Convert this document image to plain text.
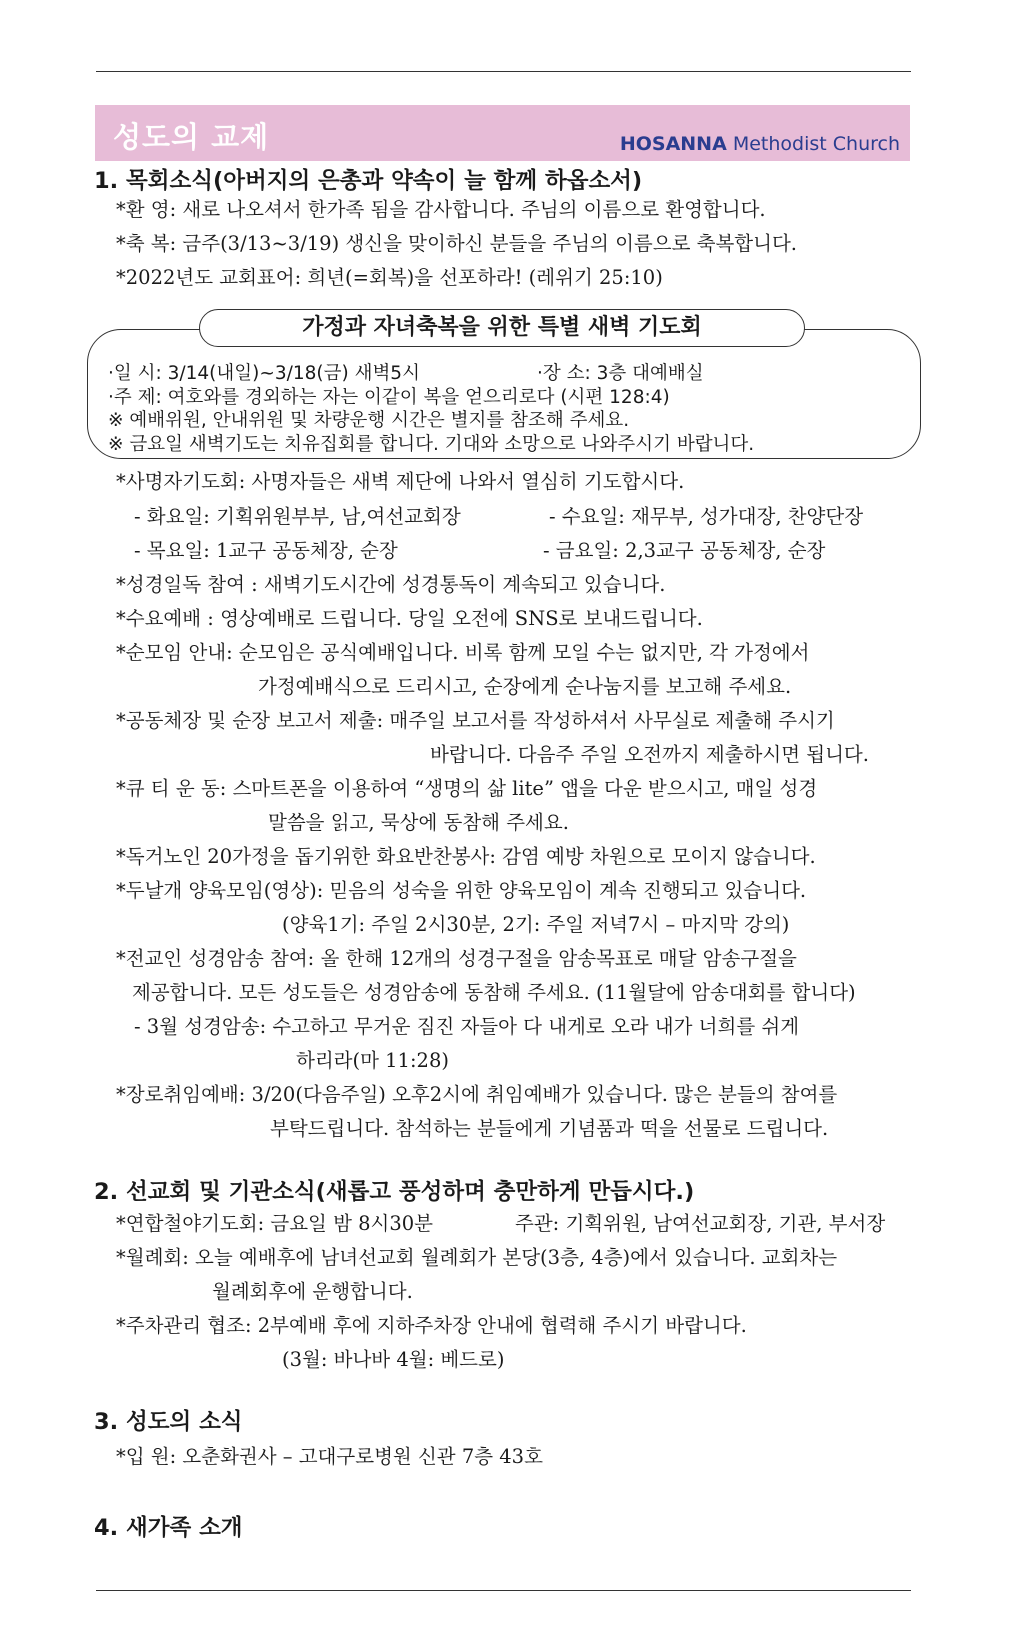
성도의 교제	HOSANNA Methodist Church
1. 목회소식(아버지의 은총과 약속이 늘 함께 하옵소서)
*환 영: 새로 나오셔서 한가족 됨을 감사합니다. 주님의 이름으로 환영합니다.
*축 복: 금주(3/13~3/19) 생신을 맞이하신 분들을 주님의 이름으로 축복합니다.
*2022년도 교회표어: 희년(=회복)을 선포하라! (레위기 25:10)
가정과 자녀축복을 위한 특별 새벽 기도회
·일 시: 3/14(내일)~3/18(금) 새벽5시	·장 소: 3층 대예배실
·주 제: 여호와를 경외하는 자는 이같이 복을 얻으리로다 (시편 128:4)
※ 예배위원, 안내위원 및 차량운행 시간은 별지를 참조해 주세요.
※ 금요일 새벽기도는 치유집회를 합니다. 기대와 소망으로 나와주시기 바랍니다.
*사명자기도회: 사명자들은 새벽 제단에 나와서 열심히 기도합시다.
- 화요일: 기획위원부부, 남,여선교회장	- 수요일: 재무부, 성가대장, 찬양단장
- 목요일: 1교구 공동체장, 순장	- 금요일: 2,3교구 공동체장, 순장
*성경일독 참여 : 새벽기도시간에 성경통독이 계속되고 있습니다.
*수요예배 : 영상예배로 드립니다. 당일 오전에 SNS로 보내드립니다.
*순모임 안내: 순모임은 공식예배입니다. 비록 함께 모일 수는 없지만, 각 가정에서
가정예배식으로 드리시고, 순장에게 순나눔지를 보고해 주세요.
*공동체장 및 순장 보고서 제출: 매주일 보고서를 작성하셔서 사무실로 제출해 주시기
바랍니다. 다음주 주일 오전까지 제출하시면 됩니다.
*큐 티 운 동: 스마트폰을 이용하여 “생명의 삶 lite” 앱을 다운 받으시고, 매일 성경
말씀을 읽고, 묵상에 동참해 주세요.
*독거노인 20가정을 돕기위한 화요반찬봉사: 감염 예방 차원으로 모이지 않습니다.
*두날개 양육모임(영상): 믿음의 성숙을 위한 양육모임이 계속 진행되고 있습니다.
(양육1기: 주일 2시30분, 2기: 주일 저녁7시 – 마지막 강의)
*전교인 성경암송 참여: 올 한해 12개의 성경구절을 암송목표로 매달 암송구절을
제공합니다. 모든 성도들은 성경암송에 동참해 주세요. (11월달에 암송대회를 합니다)
- 3월 성경암송: 수고하고 무거운 짐진 자들아 다 내게로 오라 내가 너희를 쉬게
하리라(마 11:28)
*장로취임예배: 3/20(다음주일) 오후2시에 취임예배가 있습니다. 많은 분들의 참여를
부탁드립니다. 참석하는 분들에게 기념품과 떡을 선물로 드립니다.
2. 선교회 및 기관소식(새롭고 풍성하며 충만하게 만듭시다.)
*연합철야기도회: 금요일 밤 8시30분	주관: 기획위원, 남여선교회장, 기관, 부서장
*월례회: 오늘 예배후에 남녀선교회 월례회가 본당(3층, 4층)에서 있습니다. 교회차는
월례회후에 운행합니다.
*주차관리 협조: 2부예배 후에 지하주차장 안내에 협력해 주시기 바랍니다.
(3월: 바나바 4월: 베드로)
3. 성도의 소식
*입 원: 오춘화권사 – 고대구로병원 신관 7층 43호
4. 새가족 소개
